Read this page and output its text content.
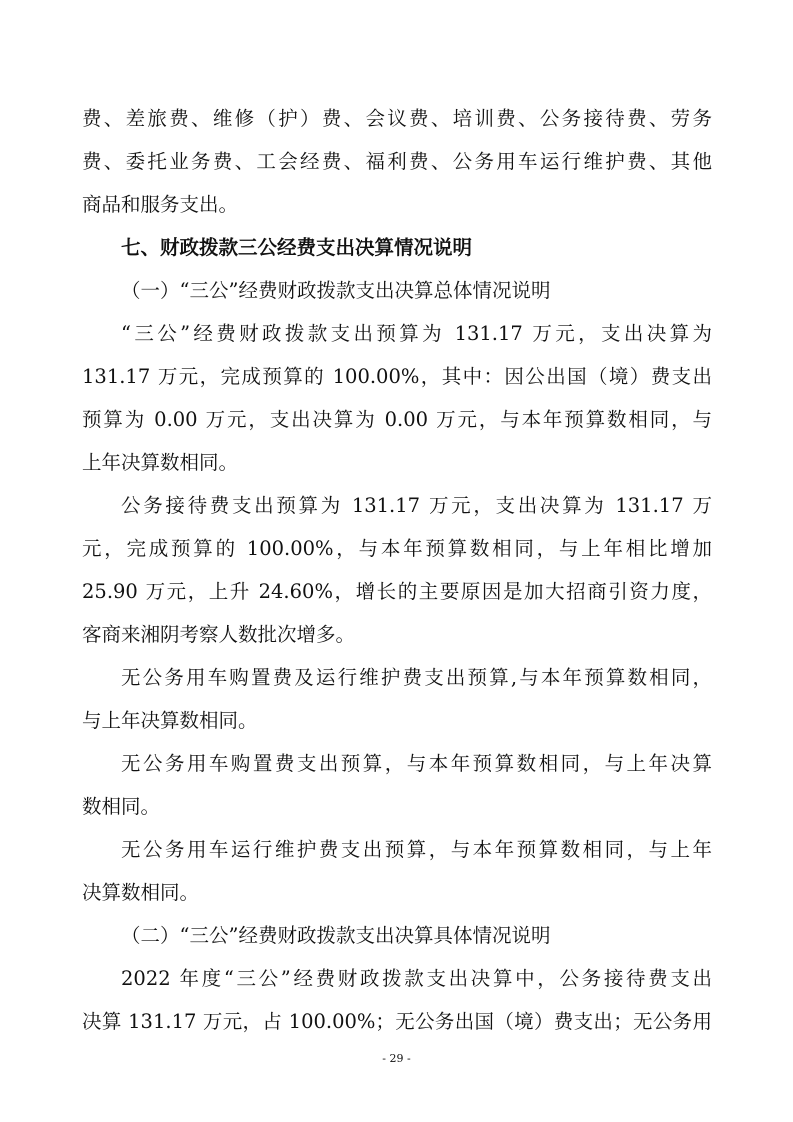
费、差旅费、维修（护）费、会议费、培训费、公务接待费、劳务
费、委托业务费、工会经费、福利费、公务用车运行维护费、其他
商品和服务支出。
七、财政拨款三公经费支出决算情况说明
（一）“三公”经费财政拨款支出决算总体情况说明
“三公”经费财政拨款支出预算为 131.17 万元，支出决算为
131.17 万元，完成预算的 100.00%，其中：因公出国（境）费支出
预算为 0.00 万元，支出决算为 0.00 万元，与本年预算数相同，与
上年决算数相同。
公务接待费支出预算为 131.17 万元，支出决算为 131.17 万
元，完成预算的 100.00%，与本年预算数相同，与上年相比增加
25.90 万元，上升 24.60%，增长的主要原因是加大招商引资力度，
客商来湘阴考察人数批次增多。
无公务用车购置费及运行维护费支出预算,与本年预算数相同，
与上年决算数相同。
无公务用车购置费支出预算，与本年预算数相同，与上年决算
数相同。
无公务用车运行维护费支出预算，与本年预算数相同，与上年
决算数相同。
（二）“三公”经费财政拨款支出决算具体情况说明
2022 年度“三公”经费财政拨款支出决算中，公务接待费支出
决算 131.17 万元，占 100.00%；无公务出国（境）费支出；无公务用
- 29 -
